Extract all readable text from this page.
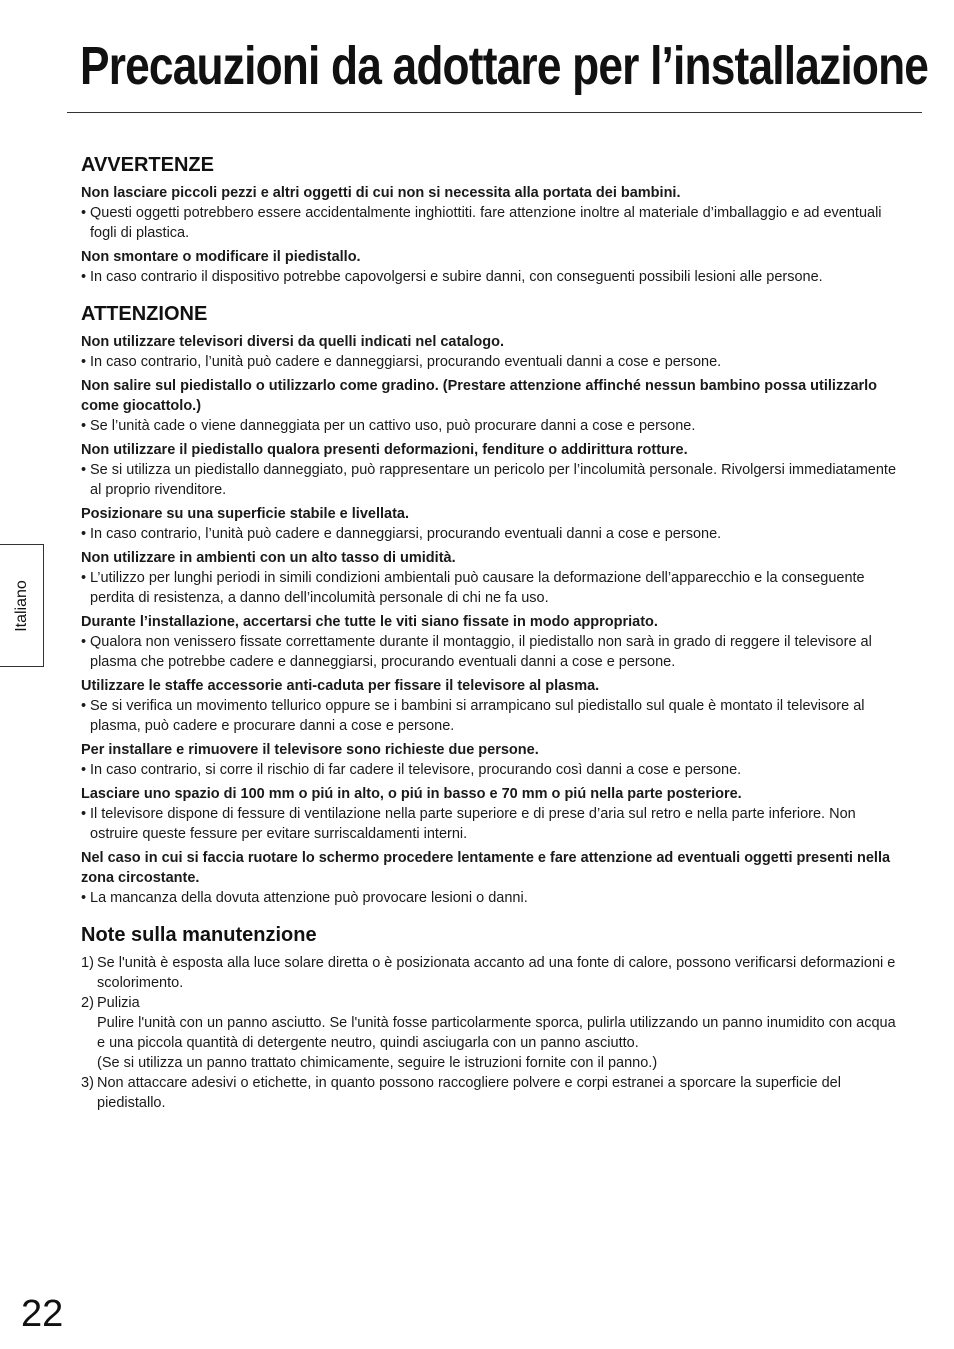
Precauzioni da adottare per l’installazione
Italiano
AVVERTENZE

Non lasciare piccoli pezzi e altri oggetti di cui non si necessita alla portata dei bambini.

• Questi oggetti potrebbero essere accidentalmente inghiottiti. fare attenzione inoltre al materiale d’imballaggio e ad eventuali fogli di plastica.

Non smontare o modificare il piedistallo.

• In caso contrario il dispositivo potrebbe capovolgersi e subire danni, con conseguenti possibili lesioni alle persone.

ATTENZIONE

Non utilizzare televisori diversi da quelli indicati nel catalogo.

• In caso contrario, l’unità può cadere e danneggiarsi, procurando eventuali danni a cose e persone.

Non salire sul piedistallo o utilizzarlo come gradino. (Prestare attenzione affinché nessun bambino possa utilizzarlo come giocattolo.)

• Se l’unità cade o viene danneggiata per un cattivo uso, può procurare danni a cose e persone.

Non utilizzare il piedistallo qualora presenti deformazioni, fenditure o addirittura rotture.

• Se si utilizza un piedistallo danneggiato, può rappresentare un pericolo per l’incolumità personale. Rivolgersi immediatamente al proprio rivenditore.

Posizionare su una superficie stabile e livellata.

• In caso contrario, l’unità può cadere e danneggiarsi, procurando eventuali danni a cose e persone.

Non utilizzare in ambienti con un alto tasso di umidità.

• L’utilizzo per lunghi periodi in simili condizioni ambientali può causare la deformazione dell’apparecchio e la conseguente perdita di resistenza, a danno dell’incolumità personale di chi ne fa uso.

Durante l’installazione, accertarsi che tutte le viti siano fissate in modo appropriato.

• Qualora non venissero fissate correttamente durante il montaggio, il piedistallo non sarà in grado di reggere il televisore al plasma che potrebbe cadere e danneggiarsi, procurando eventuali danni a cose e persone.

Utilizzare le staffe accessorie anti-caduta per fissare il televisore al plasma.

• Se si verifica un movimento tellurico oppure se i bambini si arrampicano sul piedistallo sul quale è montato il televisore al plasma, può cadere e procurare danni a cose e persone.

Per installare e rimuovere il televisore sono richieste due persone.

• In caso contrario, si corre il rischio di far cadere il televisore, procurando così danni a cose e persone.

Lasciare uno spazio di 100 mm o piú in alto, o piú in basso e 70 mm o piú nella parte posteriore.

• Il televisore dispone di fessure di ventilazione nella parte superiore e di prese d’aria sul retro e nella parte inferiore. Non ostruire queste fessure per evitare surriscaldamenti interni.

Nel caso in cui si faccia ruotare lo schermo procedere lentamente e fare attenzione ad eventuali oggetti presenti nella zona circostante.

• La mancanza della dovuta attenzione può provocare lesioni o danni.

Note sulla manutenzione
1) Se l'unità è esposta alla luce solare diretta o è posizionata accanto ad una fonte di calore, possono verificarsi deformazioni e scolorimento.

2) Pulizia

Pulire l'unità con un panno asciutto. Se l'unità fosse particolarmente sporca, pulirla utilizzando un panno inumidito con acqua e una piccola quantità di detergente neutro, quindi asciugarla con un panno asciutto.

(Se si utilizza un panno trattato chimicamente, seguire le istruzioni fornite con il panno.)

3) Non attaccare adesivi o etichette, in quanto possono raccogliere polvere e corpi estranei a sporcare la superficie del piedistallo.

22
